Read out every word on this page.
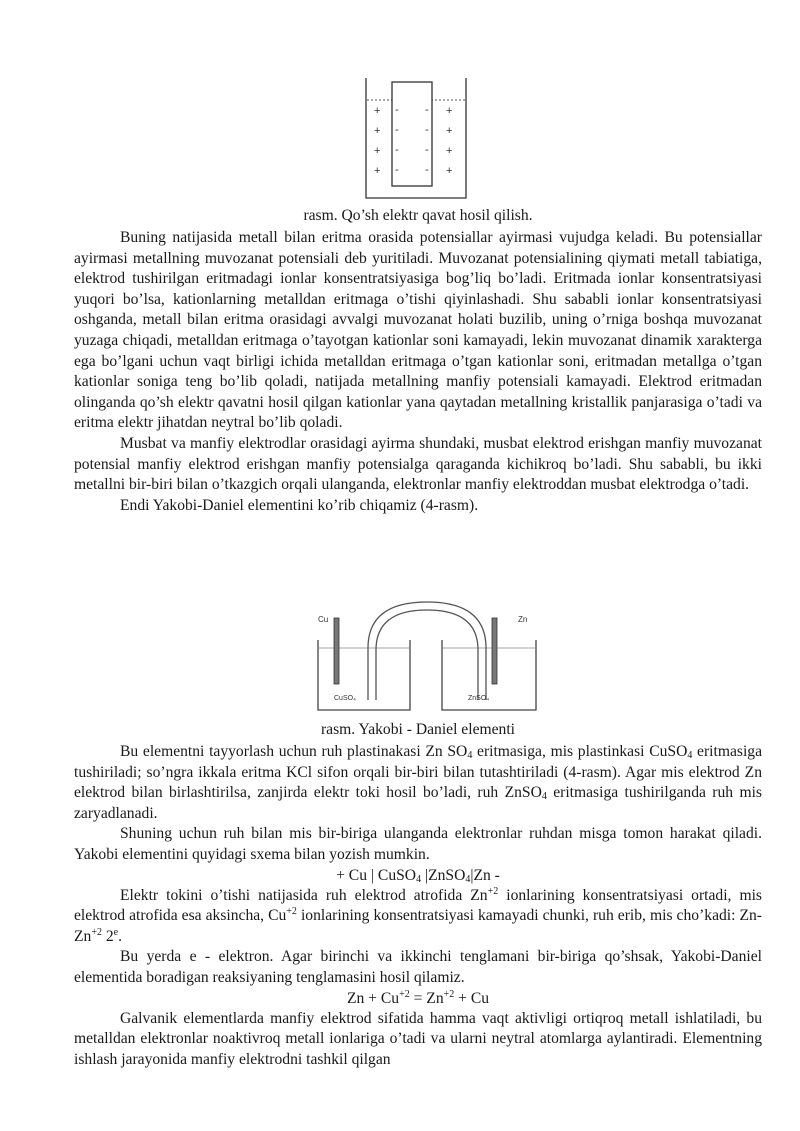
+
+
+
+
-
-
-
-
-
-
-
-
+
+
+
+
rasm. Qo’sh elektr qavat hosil qilish.

Buning natijasida metall bilan eritma orasida potensiallar ayirmasi vujudga keladi. Bu potensiallar ayirmasi metallning muvozanat potensiali deb yuritiladi. Muvozanat potensialining qiymati metall tabiatiga, elektrod tushirilgan eritmadagi ionlar konsentratsiyasiga bog’liq bo’ladi. Eritmada ionlar konsentratsiyasi yuqori bo’lsa, kationlarning metalldan eritmaga o’tishi qiyinlashadi. Shu sababli ionlar konsentratsiyasi oshganda, metall bilan eritma orasidagi avvalgi muvozanat holati buzilib, uning o’rniga boshqa muvozanat yuzaga chiqadi, metalldan eritmaga o’tayotgan kationlar soni kamayadi, lekin muvozanat dinamik xarakterga ega bo’lgani uchun vaqt birligi ichida metalldan eritmaga o’tgan kationlar soni, eritmadan metallga o’tgan kationlar soniga teng bo’lib qoladi, natijada metallning manfiy potensiali kamayadi. Elektrod eritmadan olinganda qo’sh elektr qavatni hosil qilgan kationlar yana qaytadan metallning kristallik panjarasiga o’tadi va eritma elektr jihatdan neytral bo’lib qoladi.

Musbat va manfiy elektrodlar orasidagi ayirma shundaki, musbat elektrod erishgan manfiy muvozanat potensial manfiy elektrod erishgan manfiy potensialga qaraganda kichikroq bo’ladi. Shu sababli, bu ikki metallni bir-biri bilan o’tkazgich orqali ulanganda, elektronlar manfiy elektroddan musbat elektrodga o’tadi.

Endi Yakobi-Daniel elementini ko’rib chiqamiz (4-rasm).

Cu	Zn
CuSO₄	ZnSO₄
rasm. Yakobi - Daniel elementi

Bu elementni tayyorlash uchun ruh plastinakasi Zn $SO_4$ eritmasiga, mis plastinkasi CuSO$_4$ eritmasiga tushiriladi; so’ngra ikkala eritma KCl sifon orqali bir-biri bilan tutashtiriladi (4-rasm). Agar mis elektrod Zn elektrod bilan birlashtirilsa, zanjirda elektr toki hosil bo’ladi, ruh ZnSO$_4$ eritmasiga tushirilganda ruh mis zaryadlanadi.

Shuning uchun ruh bilan mis bir-biriga ulanganda elektronlar ruhdan misga tomon harakat qiladi. Yakobi elementini quyidagi sxema bilan yozish mumkin.

+ Cu | CuSO$_4$ |ZnSO$_4$|Zn -

Elektr tokini o’tishi natijasida ruh elektrod atrofida $Zn^{+2}$ ionlarining konsentratsiyasi ortadi, mis elektrod atrofida esa aksincha, $Cu^{+2}$ ionlarining konsentratsiyasi kamayadi chunki, ruh erib, mis cho’kadi: $Zn-Zn^{+2}$ 2e.

Bu yerda e - elektron. Agar birinchi va ikkinchi tenglamani bir-biriga qo’shsak, Yakobi-Daniel elementida boradigan reaksiyaning tenglamasini hosil qilamiz.

$Zn + Cu^{+2} = Zn^{+2} + Cu$

Galvanik elementlarda manfiy elektrod sifatida hamma vaqt aktivligi ortiqroq metall ishlatiladi, bu metalldan elektronlar noaktivroq metall ionlariga o’tadi va ularni neytral atomlarga aylantiradi. Elementning ishlash jarayonida manfiy elektrodni tashkil qilgan
